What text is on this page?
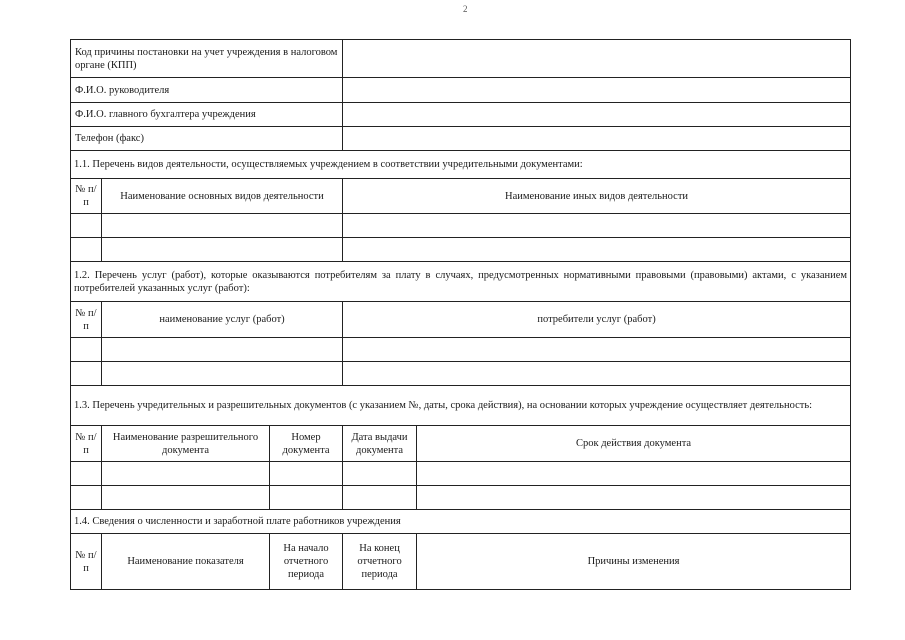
2
Код причины постановки на учет учреждения в налоговом органе (КПП)				
Ф.И.О. руководителя				
Ф.И.О. главного бухгалтера учреждения				
Телефон (факс)				
1.1. Перечень видов деятельности, осуществляемых учреждением в соответствии учредительными документами:				
№ п/п	Наименование основных видов деятельности		Наименование иных видов деятельности	

1.2. Перечень услуг (работ), которые оказываются потребителям за плату в случаях, предусмотренных нормативными правовыми (правовыми) актами, с указанием потребителей указанных услуг (работ):				
№ п/п	наименование услуг (работ)		потребители услуг (работ)	

1.3. Перечень учредительных и разрешительных документов (с указанием №, даты, срока действия), на основании которых учреждение осуществляет деятельность:				
№ п/п	Наименование разрешительного документа	Номер документа	Дата выдачи документа	Срок действия документа

1.4. Сведения о численности и заработной плате работников учреждения				
№ п/п	Наименование показателя	На начало отчетного периода	На конец отчетного периода	Причины изменения
